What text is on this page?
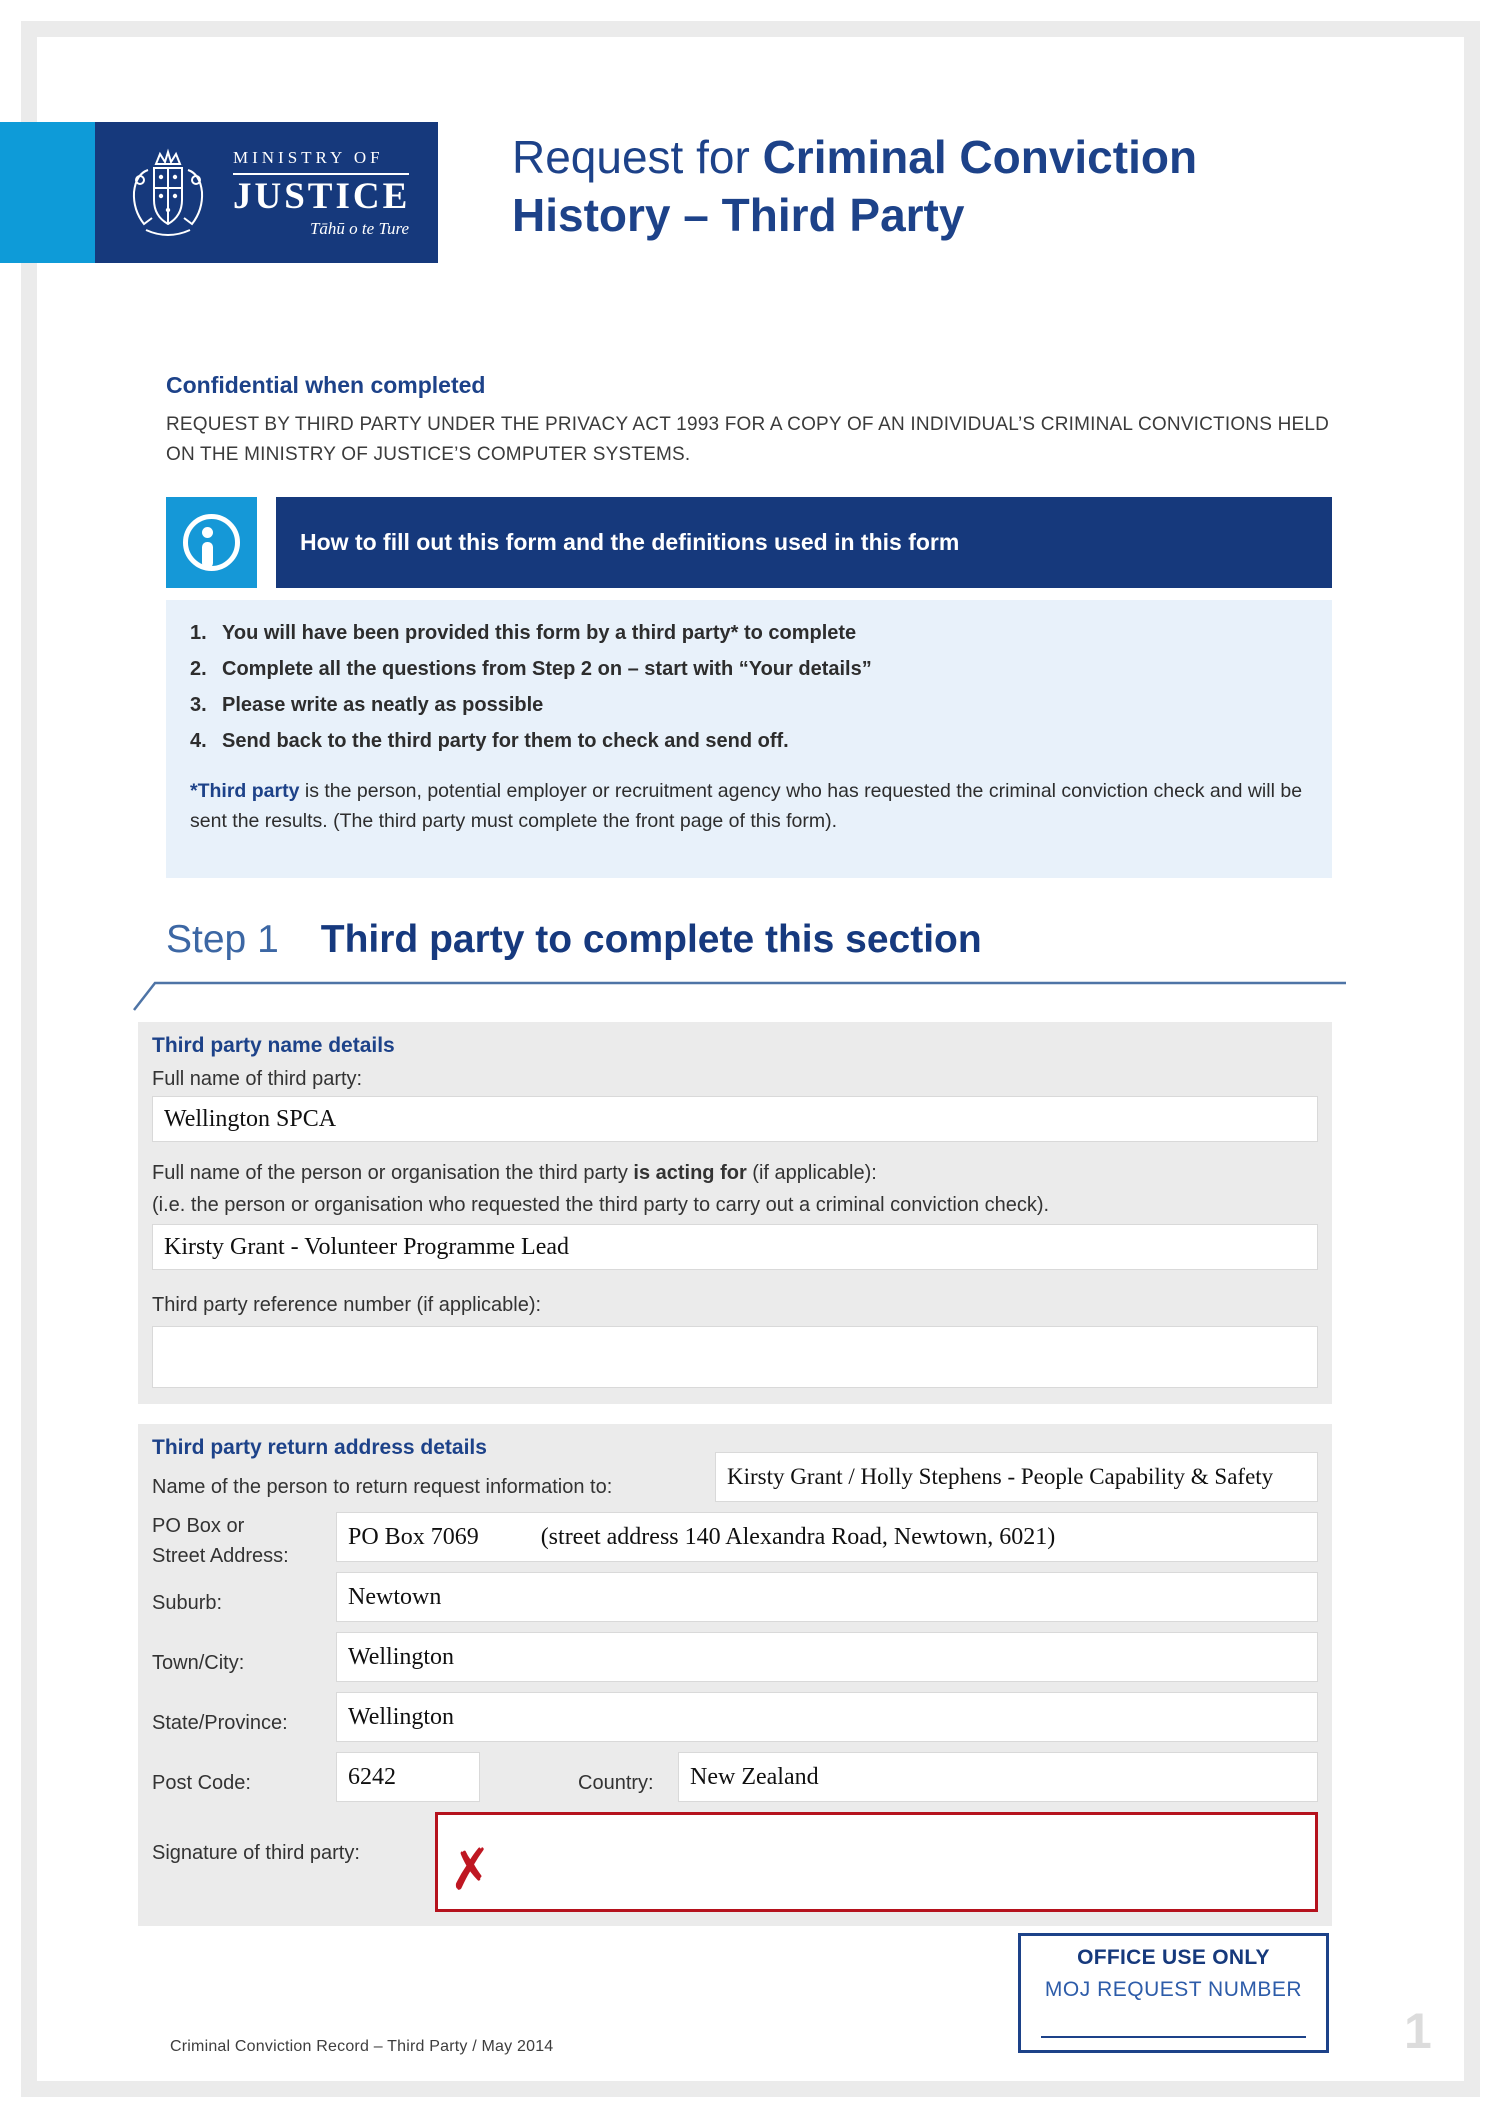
MINISTRY OF
JUSTICE
Tāhū o te Ture
Request for Criminal Conviction
History – Third Party
Confidential when completed
REQUEST BY THIRD PARTY UNDER THE PRIVACY ACT 1993 FOR A COPY OF AN INDIVIDUAL’S CRIMINAL CONVICTIONS HELD ON THE MINISTRY OF JUSTICE’S COMPUTER SYSTEMS.
How to fill out this form and the definitions used in this form
1. You will have been provided this form by a third party* to complete
2. Complete all the questions from Step 2 on – start with “Your details”
3. Please write as neatly as possible
4. Send back to the third party for them to check and send off.
*Third party is the person, potential employer or recruitment agency who has requested the criminal conviction check and will be sent the results. (The third party must complete the front page of this form).
Step 1 Third party to complete this section
Third party name details
Full name of third party:
Wellington SPCA
Full name of the person or organisation the third party is acting for (if applicable):
(i.e. the person or organisation who requested the third party to carry out a criminal conviction check).
Kirsty Grant - Volunteer Programme Lead
Third party reference number (if applicable):
Third party return address details
Name of the person to return request information to:	Kirsty Grant / Holly Stephens - People Capability & Safety
PO Box or
Street Address:
PO Box 7069	(street address 140 Alexandra Road, Newtown, 6021)
Suburb:	Newtown
Town/City:	Wellington
State/Province:	Wellington
Post Code:	6242	Country:	New Zealand
Signature of third party: ✗
OFFICE USE ONLY
MOJ REQUEST NUMBER
Criminal Conviction Record – Third Party / May 2014	1
